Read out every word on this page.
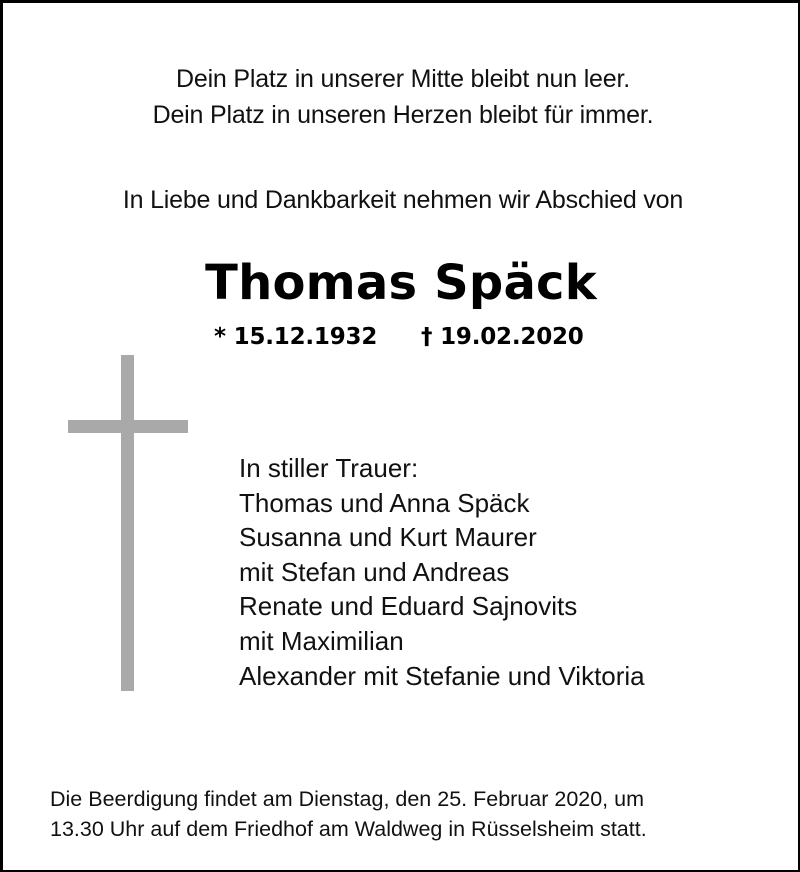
Dein Platz in unserer Mitte bleibt nun leer.
Dein Platz in unseren Herzen bleibt für immer.
In Liebe und Dankbarkeit nehmen wir Abschied von
Thomas Späck
* 15.12.1932 † 19.02.2020
In stiller Trauer:
Thomas und Anna Späck
Susanna und Kurt Maurer
mit Stefan und Andreas
Renate und Eduard Sajnovits
mit Maximilian
Alexander mit Stefanie und Viktoria
Die Beerdigung findet am Dienstag, den 25. Februar 2020, um
13.30 Uhr auf dem Friedhof am Waldweg in Rüsselsheim statt.
